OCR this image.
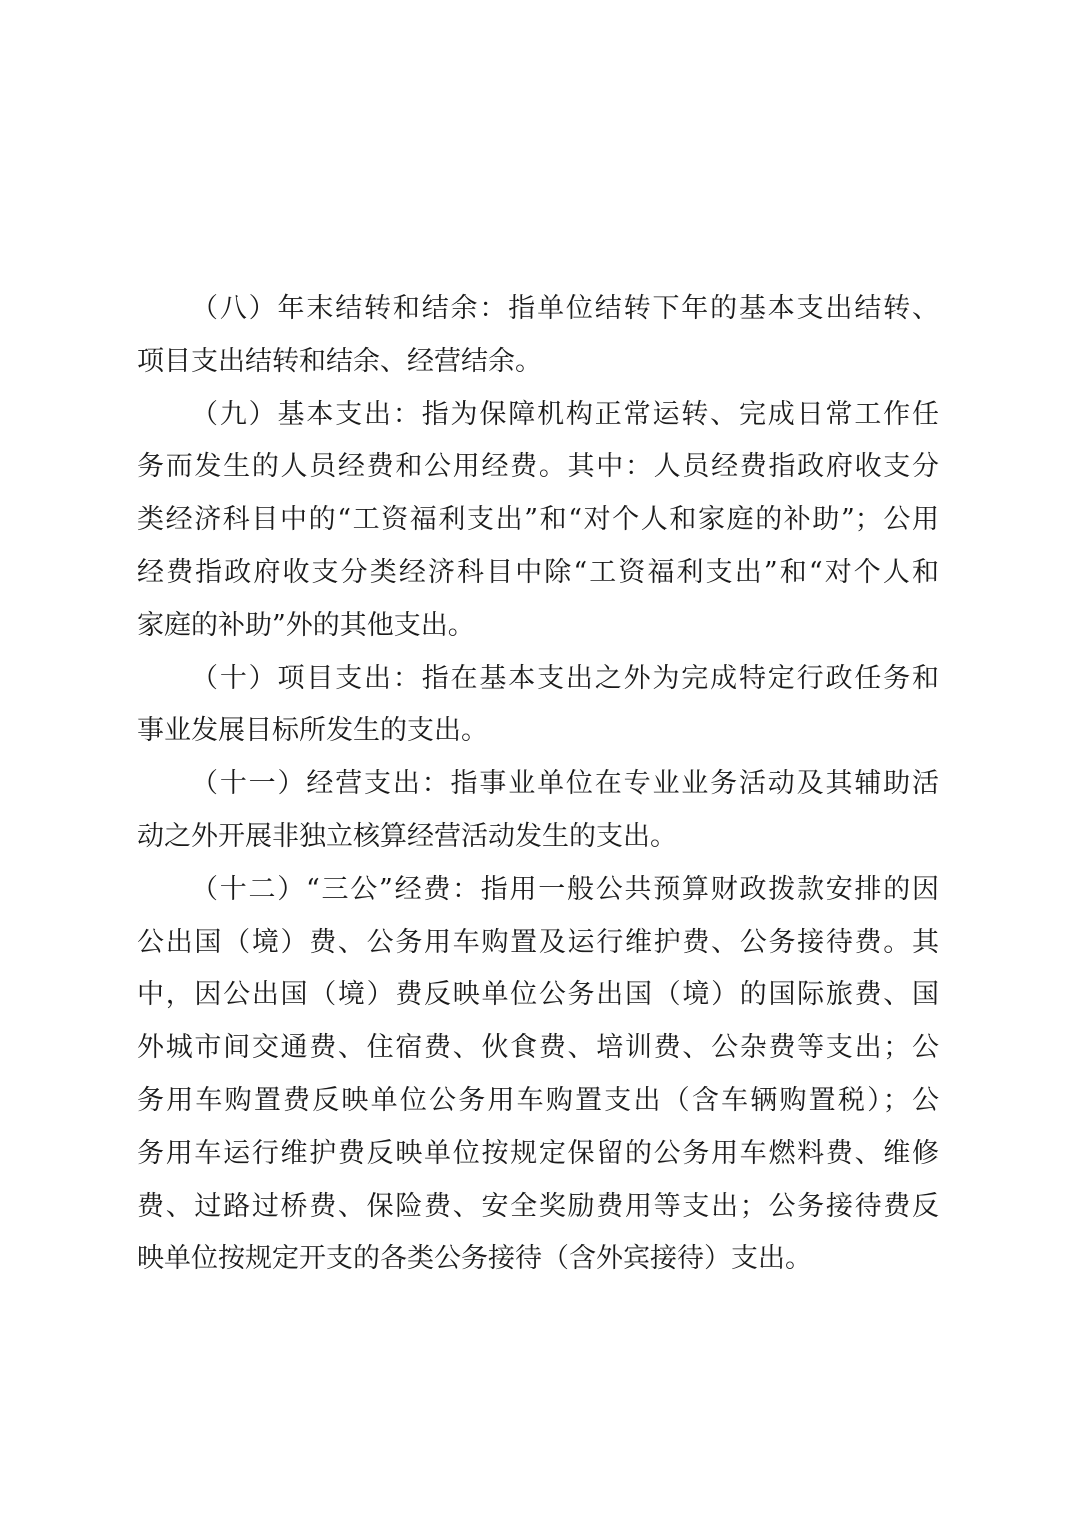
（八）年末结转和结余：指单位结转下年的基本支出结转、
项目支出结转和结余、经营结余。
（九）基本支出：指为保障机构正常运转、完成日常工作任
务而发生的人员经费和公用经费。其中：人员经费指政府收支分
类经济科目中的“工资福利支出”和“对个人和家庭的补助”；公用
经费指政府收支分类经济科目中除“工资福利支出”和“对个人和
家庭的补助”外的其他支出。
（十）项目支出：指在基本支出之外为完成特定行政任务和
事业发展目标所发生的支出。
（十一）经营支出：指事业单位在专业业务活动及其辅助活
动之外开展非独立核算经营活动发生的支出。
（十二）“三公”经费：指用一般公共预算财政拨款安排的因
公出国（境）费、公务用车购置及运行维护费、公务接待费。其
中，因公出国（境）费反映单位公务出国（境）的国际旅费、国
外城市间交通费、住宿费、伙食费、培训费、公杂费等支出；公
务用车购置费反映单位公务用车购置支出（含车辆购置税）；公
务用车运行维护费反映单位按规定保留的公务用车燃料费、维修
费、过路过桥费、保险费、安全奖励费用等支出；公务接待费反
映单位按规定开支的各类公务接待（含外宾接待）支出。
